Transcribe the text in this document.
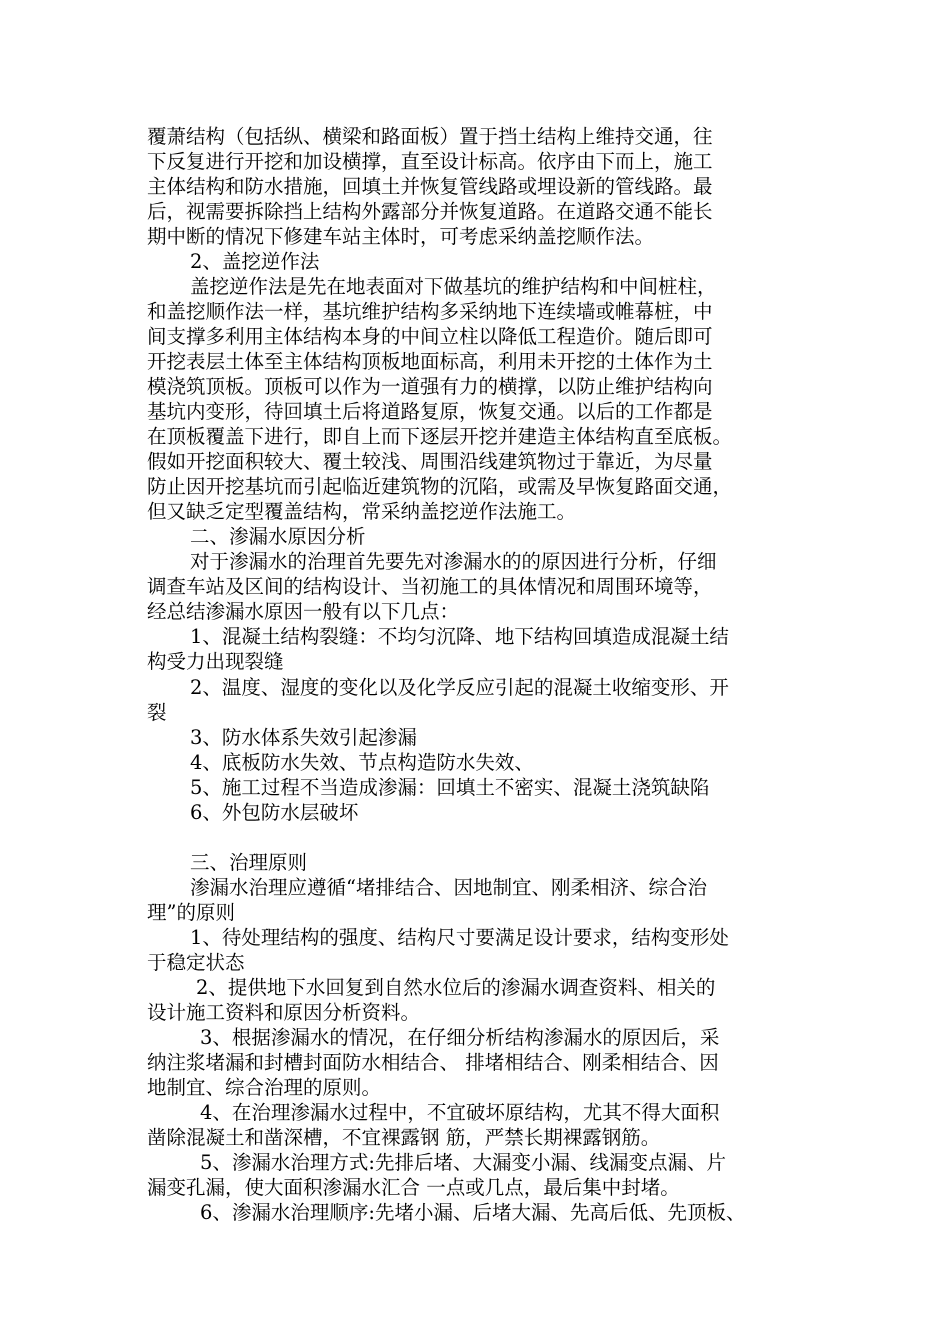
覆萧结构（包括纵、横梁和路面板）置于挡土结构上维持交通，往
下反复进行开挖和加设横撑，直至设计标高。依序由下而上，施工
主体结构和防水措施，回填土并恢复管线路或埋设新的管线路。最
后，视需要拆除挡上结构外露部分并恢复道路。在道路交通不能长
期中断的情况下修建车站主体时，可考虑采纳盖挖顺作法。
2、盖挖逆作法
盖挖逆作法是先在地表面对下做基坑的维护结构和中间桩柱，
和盖挖顺作法一样，基坑维护结构多采纳地下连续墙或帷幕桩，中
间支撑多利用主体结构本身的中间立柱以降低工程造价。随后即可
开挖表层土体至主体结构顶板地面标高，利用未开挖的土体作为土
模浇筑顶板。顶板可以作为一道强有力的横撑，以防止维护结构向
基坑内变形，待回填土后将道路复原，恢复交通。以后的工作都是
在顶板覆盖下进行，即自上而下逐层开挖并建造主体结构直至底板。
假如开挖面积较大、覆土较浅、周围沿线建筑物过于靠近，为尽量
防止因开挖基坑而引起临近建筑物的沉陷，或需及早恢复路面交通，
但又缺乏定型覆盖结构，常采纳盖挖逆作法施工。
二、渗漏水原因分析
对于渗漏水的治理首先要先对渗漏水的的原因进行分析，仔细
调查车站及区间的结构设计、当初施工的具体情况和周围环境等，
经总结渗漏水原因一般有以下几点：
1、混凝土结构裂缝：不均匀沉降、地下结构回填造成混凝土结
构受力出现裂缝
2、温度、湿度的变化以及化学反应引起的混凝土收缩变形、开
裂
3、防水体系失效引起渗漏
4、底板防水失效、节点构造防水失效、
5、施工过程不当造成渗漏：回填土不密实、混凝土浇筑缺陷
6、外包防水层破坏
三、治理原则
渗漏水治理应遵循“堵排结合、因地制宜、刚柔相济、综合治
理”的原则
1、待处理结构的强度、结构尺寸要满足设计要求，结构变形处
于稳定状态
2、提供地下水回复到自然水位后的渗漏水调查资料、相关的
设计施工资料和原因分析资料。
3、根据渗漏水的情况，在仔细分析结构渗漏水的原因后，采
纳注浆堵漏和封槽封面防水相结合、 排堵相结合、刚柔相结合、因
地制宜、综合治理的原则。
4、在治理渗漏水过程中，不宜破坏原结构，尤其不得大面积
凿除混凝土和凿深槽，不宜裸露钢 筋，严禁长期裸露钢筋。
5、渗漏水治理方式:先排后堵、大漏变小漏、线漏变点漏、片
漏变孔漏，使大面积渗漏水汇合 一点或几点，最后集中封堵。
6、渗漏水治理顺序:先堵小漏、后堵大漏、先高后低、先顶板、
